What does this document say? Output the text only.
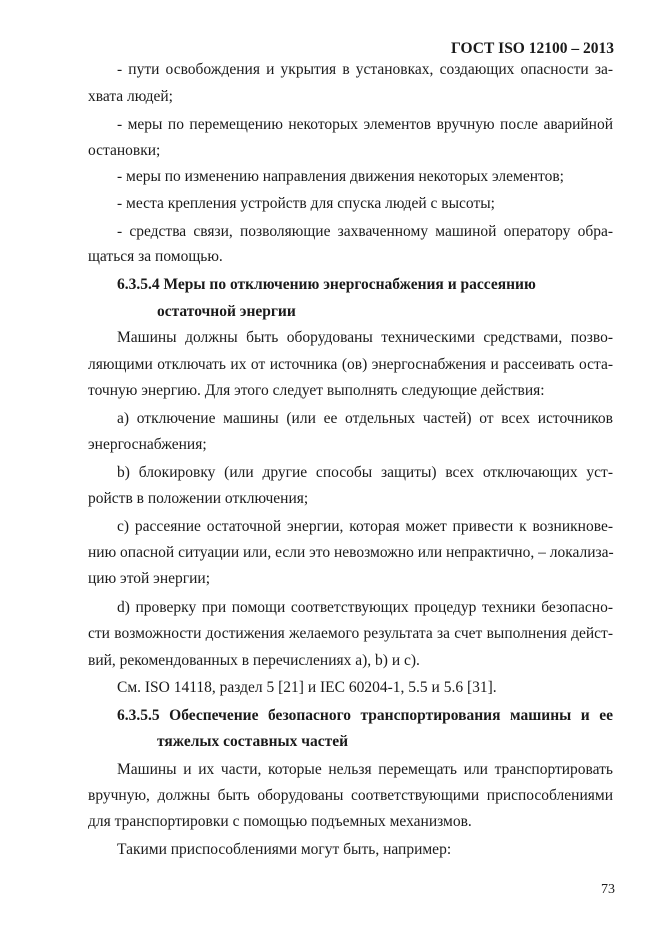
ГОСТ ISO 12100 – 2013
- пути освобождения и укрытия в установках, создающих опасности за-
хвата людей;
- меры по перемещению некоторых элементов вручную после аварийной
остановки;
- меры по изменению направления движения некоторых элементов;
- места крепления устройств для спуска людей с высоты;
- средства связи, позволяющие захваченному машиной оператору обра-
щаться за помощью.
6.3.5.4 Меры по отключению энергоснабжения и рассеянию
остаточной энергии
Машины должны быть оборудованы техническими средствами, позво-
ляющими отключать их от источника (ов) энергоснабжения и рассеивать оста-
точную энергию. Для этого следует выполнять следующие действия:
a) отключение машины (или ее отдельных частей) от всех источников
энергоснабжения;
b) блокировку (или другие способы защиты) всех отключающих уст-
ройств в положении отключения;
c) рассеяние остаточной энергии, которая может привести к возникнове-
нию опасной ситуации или, если это невозможно или непрактично, – локализа-
цию этой энергии;
d) проверку при помощи соответствующих процедур техники безопасно-
сти возможности достижения желаемого результата за счет выполнения дейст-
вий, рекомендованных в перечислениях а), b) и с).
См. ISO 14118, раздел 5 [21] и IEC 60204-1, 5.5 и 5.6 [31].
6.3.5.5 Обеспечение безопасного транспортирования машины и ее
тяжелых составных частей
Машины и их части, которые нельзя перемещать или транспортировать
вручную, должны быть оборудованы соответствующими приспособлениями
для транспортировки с помощью подъемных механизмов.
Такими приспособлениями могут быть, например:
73
